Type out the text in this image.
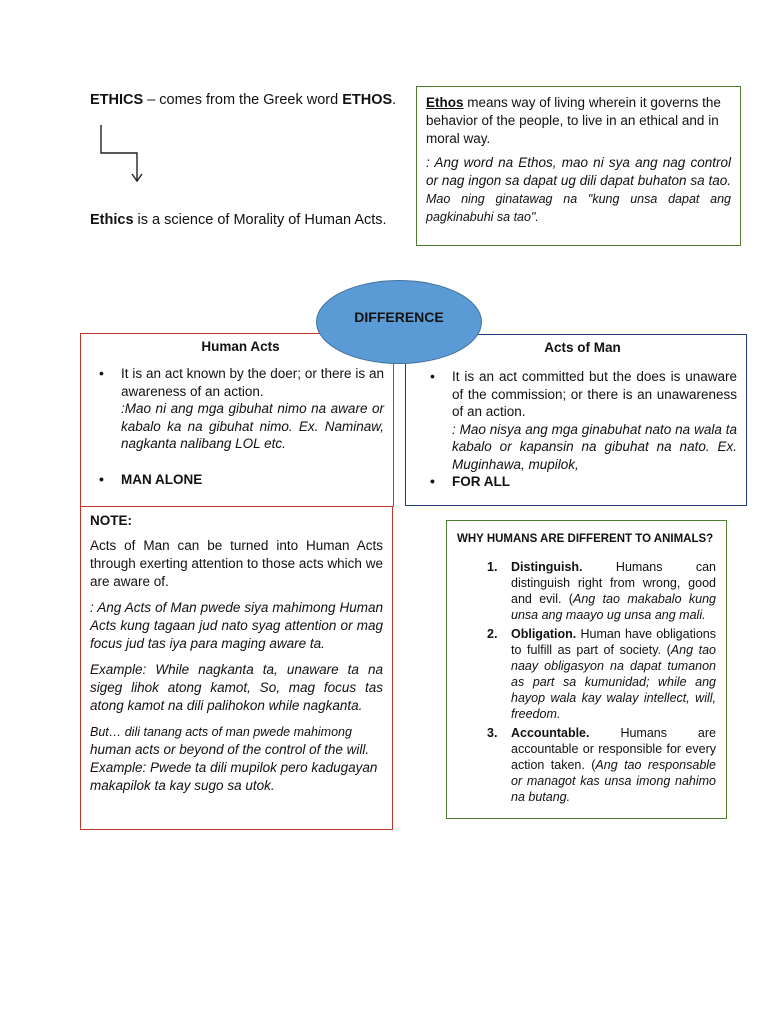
ETHICS – comes from the Greek word ETHOS.
Ethics is a science of Morality of Human Acts.

Ethos means way of living wherein it governs the behavior of the people, to live in an ethical and in moral way.

: Ang word na Ethos, mao ni sya ang nag control or nag ingon sa dapat ug dili dapat buhaton sa tao. Mao ning ginatawag na "kung unsa dapat ang pagkinabuhi sa tao".

Human Acts
• It is an act known by the doer; or there is an awareness of an action.
:Mao ni ang mga gibuhat nimo na aware or kabalo ka na gibuhat nimo. Ex. Naminaw, nagkanta nalibang LOL etc.
• MAN ALONE
Acts of Man
• It is an act committed but the does is unaware of the commission; or there is an unawareness of an action.
: Mao nisya ang mga ginabuhat nato na wala ta kabalo or kapansin na gibuhat na nato. Ex. Muginhawa, mupilok,
• FOR ALL
DIFFERENCE
NOTE:

Acts of Man can be turned into Human Acts through exerting attention to those acts which we are aware of.

: Ang Acts of Man pwede siya mahimong Human Acts kung tagaan jud nato syag attention or mag focus jud tas iya para maging aware ta.

Example: While nagkanta ta, unaware ta na sigeg lihok atong kamot, So, mag focus tas atong kamot na dili palihokon while nagkanta.

But… dili tanang acts of man pwede mahimong human acts or beyond of the control of the will. Example: Pwede ta dili mupilok pero kadugayan makapilok ta kay sugo sa utok.

WHY HUMANS ARE DIFFERENT TO ANIMALS?
1. Distinguish. Humans can distinguish right from wrong, good and evil. (Ang tao makabalo kung unsa ang maayo ug unsa ang mali.
2. Obligation. Human have obligations to fulfill as part of society. (Ang tao naay obligasyon na dapat tumanon as part sa kumunidad; while ang hayop wala kay walay intellect, will, freedom.
3. Accountable. Humans are accountable or responsible for every action taken. (Ang tao responsable or managot kas unsa imong nahimo na butang.
